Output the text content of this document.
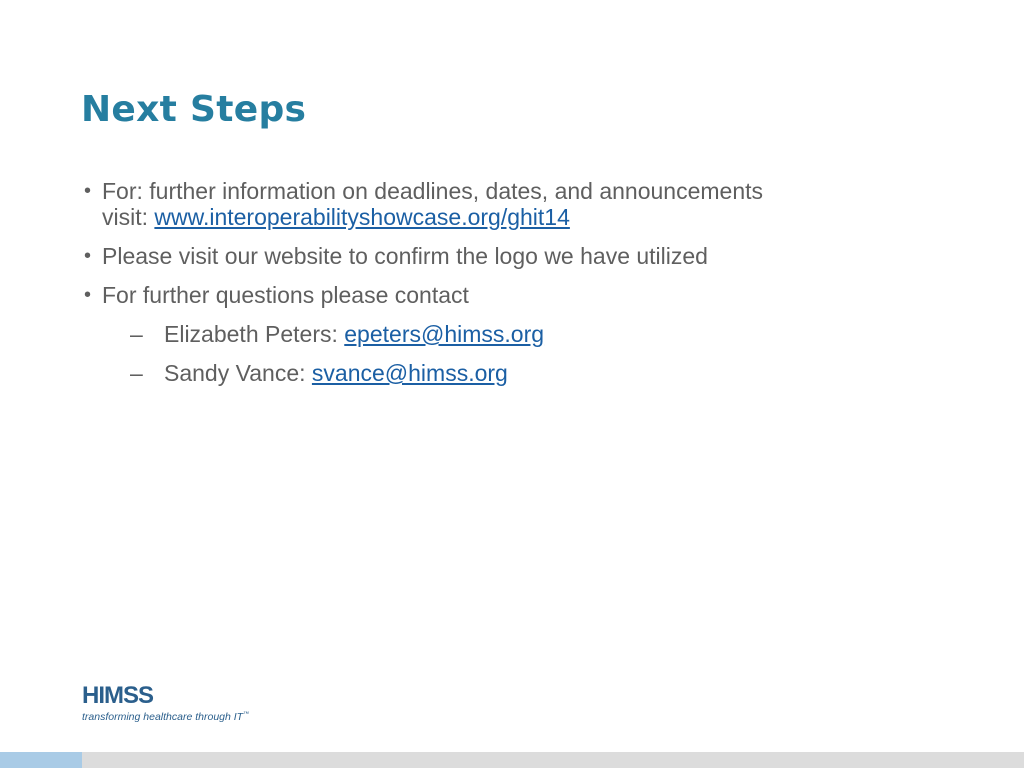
Next Steps
• For: further information on deadlines, dates, and announcements
visit: www.interoperabilityshowcase.org/ghit14
• Please visit our website to confirm the logo we have utilized
• For further questions please contact
– Elizabeth Peters: epeters@himss.org
– Sandy Vance: svance@himss.org
HIMSS
transforming healthcare through IT™
